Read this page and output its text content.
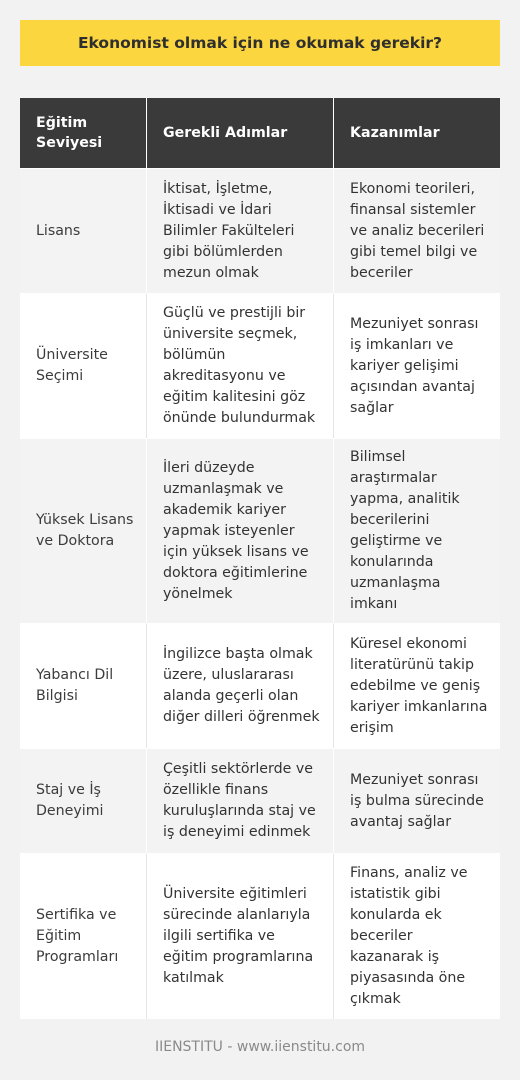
Ekonomist olmak için ne okumak gerekir?
Eğitim Seviyesi	Gerekli Adımlar	Kazanımlar
Lisans	İktisat, İşletme, İktisadi ve İdari Bilimler Fakülteleri gibi bölümlerden mezun olmak	Ekonomi teorileri, finansal sistemler ve analiz becerileri gibi temel bilgi ve beceriler
Üniversite Seçimi	Güçlü ve prestijli bir üniversite seçmek, bölümün akreditasyonu ve eğitim kalitesini göz önünde bulundurmak	Mezuniyet sonrası iş imkanları ve kariyer gelişimi açısından avantaj sağlar
Yüksek Lisans ve Doktora	İleri düzeyde uzmanlaşmak ve akademik kariyer yapmak isteyenler için yüksek lisans ve doktora eğitimlerine yönelmek	Bilimsel araştırmalar yapma, analitik becerilerini geliştirme ve konularında uzmanlaşma imkanı
Yabancı Dil Bilgisi	İngilizce başta olmak üzere, uluslararası alanda geçerli olan diğer dilleri öğrenmek	Küresel ekonomi literatürünü takip edebilme ve geniş kariyer imkanlarına erişim
Staj ve İş Deneyimi	Çeşitli sektörlerde ve özellikle finans kuruluşlarında staj ve iş deneyimi edinmek	Mezuniyet sonrası iş bulma sürecinde avantaj sağlar
Sertifika ve Eğitim Programları	Üniversite eğitimleri sürecinde alanlarıyla ilgili sertifika ve eğitim programlarına katılmak	Finans, analiz ve istatistik gibi konularda ek beceriler kazanarak iş piyasasında öne çıkmak
IIENSTITU - www.iienstitu.com
